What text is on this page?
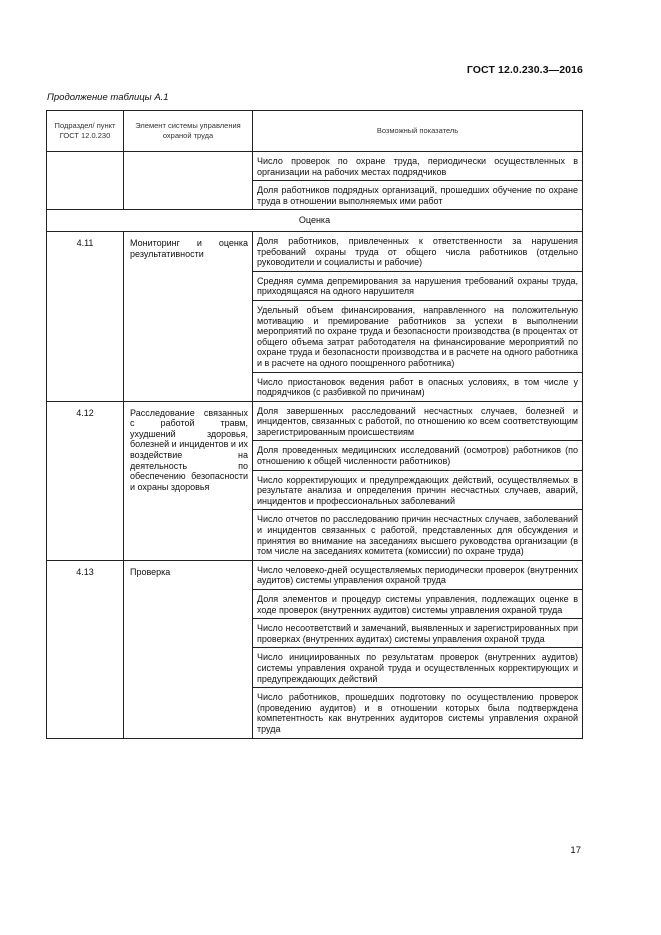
ГОСТ 12.0.230.3—2016
Продолжение таблицы А.1
Подраздел/ пункт ГОСТ 12.0.230	Элемент системы управления охраной труда	Возможный показатель
		Число проверок по охране труда, периодически осуществленных в организации на рабочих местах подрядчиков
		Доля работников подрядных организаций, прошедших обучение по охране труда в отношении выполняемых ими работ
Оценка		
4.11	Мониторинг и оценка результативности	Доля работников, привлеченных к ответственности за нарушения требований охраны труда от общего числа работников (отдельно руководители и социалисты и рабочие)
		Средняя сумма депремирования за нарушения требований охраны труда, приходящаяся на одного нарушителя
		Удельный объем финансирования, направленного на положительную мотивацию и премирование работников за успехи в выполнении мероприятий по охране труда и безопасности производства (в процентах от общего объема затрат работодателя на финансирование мероприятий по охране труда и безопасности производства и в расчете на одного работника и в расчете на одного поощренного работника)
		Число приостановок ведения работ в опасных условиях, в том числе у подрядчиков (с разбивкой по причинам)
4.12	Расследование связанных с работой травм, ухудшений здоровья, болезней и инцидентов и их воздействие на деятельность по обеспечению безопасности и охраны здоровья	Доля завершенных расследований несчастных случаев, болезней и инцидентов, связанных с работой, по отношению ко всем соответствующим зарегистрированным происшествиям
		Доля проведенных медицинских исследований (осмотров) работников (по отношению к общей численности работников)
		Число корректирующих и предупреждающих действий, осуществляемых в результате анализа и определения причин несчастных случаев, аварий, инцидентов и профессиональных заболеваний
		Число отчетов по расследованию причин несчастных случаев, заболеваний и инцидентов связанных с работой, представленных для обсуждения и принятия во внимание на заседаниях высшего руководства организации (в том числе на заседаниях комитета (комиссии) по охране труда)
4.13	Проверка	Число человеко-дней осуществляемых периодически проверок (внутренних аудитов) системы управления охраной труда
		Доля элементов и процедур системы управления, подлежащих оценке в ходе проверок (внутренних аудитов) системы управления охраной труда
		Число несоответствий и замечаний, выявленных и зарегистрированных при проверках (внутренних аудитах) системы управления охраной труда
		Число инициированных по результатам проверок (внутренних аудитов) системы управления охраной труда и осуществленных корректирующих и предупреждающих действий
		Число работников, прошедших подготовку по осуществлению проверок (проведению аудитов) и в отношении которых была подтверждена компетентность как внутренних аудиторов системы управления охраной труда
17
